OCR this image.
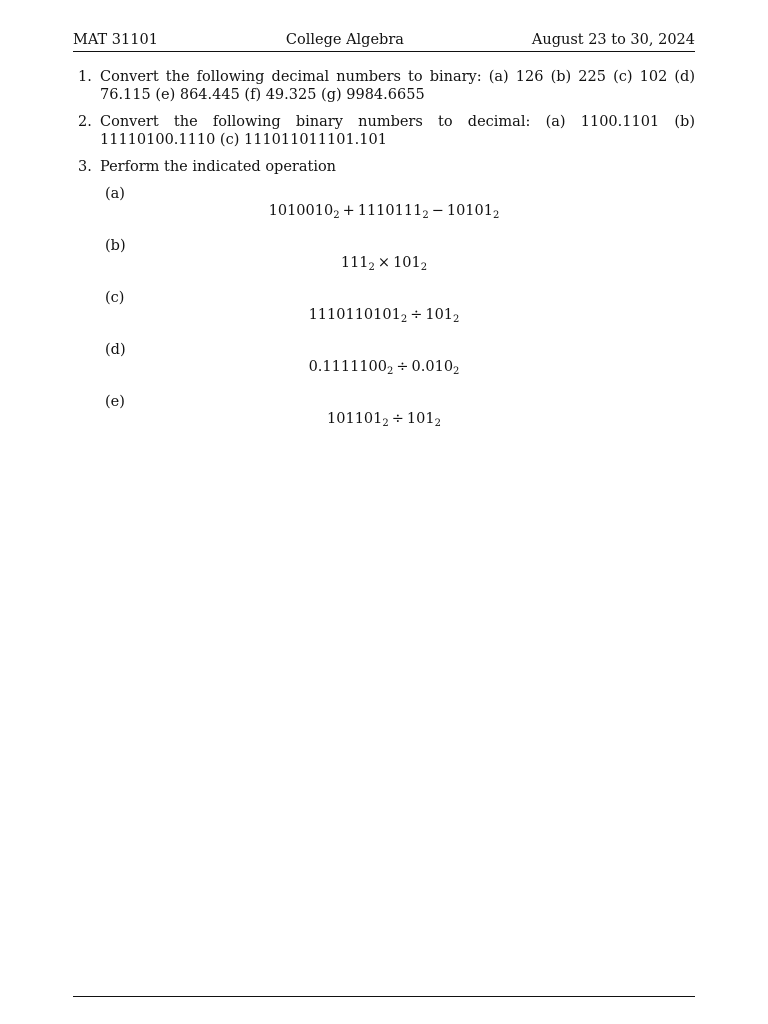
MAT 31101	College Algebra	August 23 to 30, 2024
1. Convert the following decimal numbers to binary: (a) 126 (b) 225 (c) 102 (d) 76.115 (e) 864.445 (f) 49.325 (g) 9984.6655
2. Convert the following binary numbers to decimal: (a) 1100.1101 (b) 11110100.1110 (c) 111011011101.101
3. Perform the indicated operation
(a)
$1010010_2 + 1110111_2 - 10101_2$
(b)
$111_2 \times 101_2$
(c)
$1110110101_2 \div 101_2$
(d)
$0.1111100_2 \div 0.010_2$
(e)
$101101_2 \div 101_2$
